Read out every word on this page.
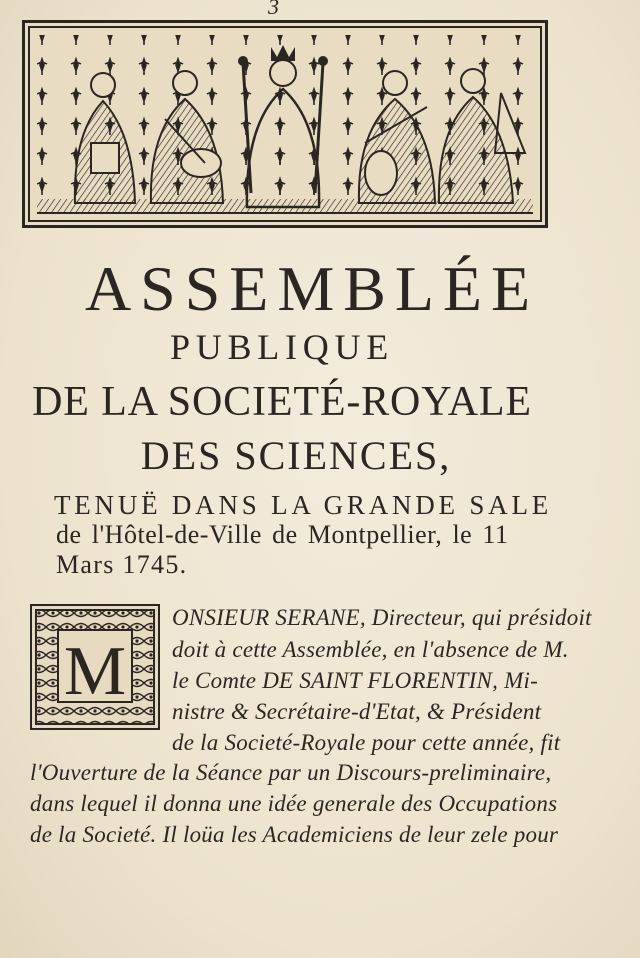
3
ASSEMBLÉE
PUBLIQUE
DE LA SOCIETÉ-ROYALE
DES SCIENCES,
TENUË DANS LA GRANDE SALE
de l'Hôtel-de-Ville de Montpellier, le 11
Mars 1745.
M
ONSIEUR SERANE, Directeur, qui présidoit
doit à cette Assemblée, en l'absence de M.
le Comte DE SAINT FLORENTIN, Mi-
nistre & Secrétaire-d'Etat, & Président
de la Societé-Royale pour cette année, fit
l'Ouverture de la Séance par un Discours-preliminaire,
dans lequel il donna une idée generale des Occupations
de la Societé. Il loüa les Academiciens de leur zele pour
